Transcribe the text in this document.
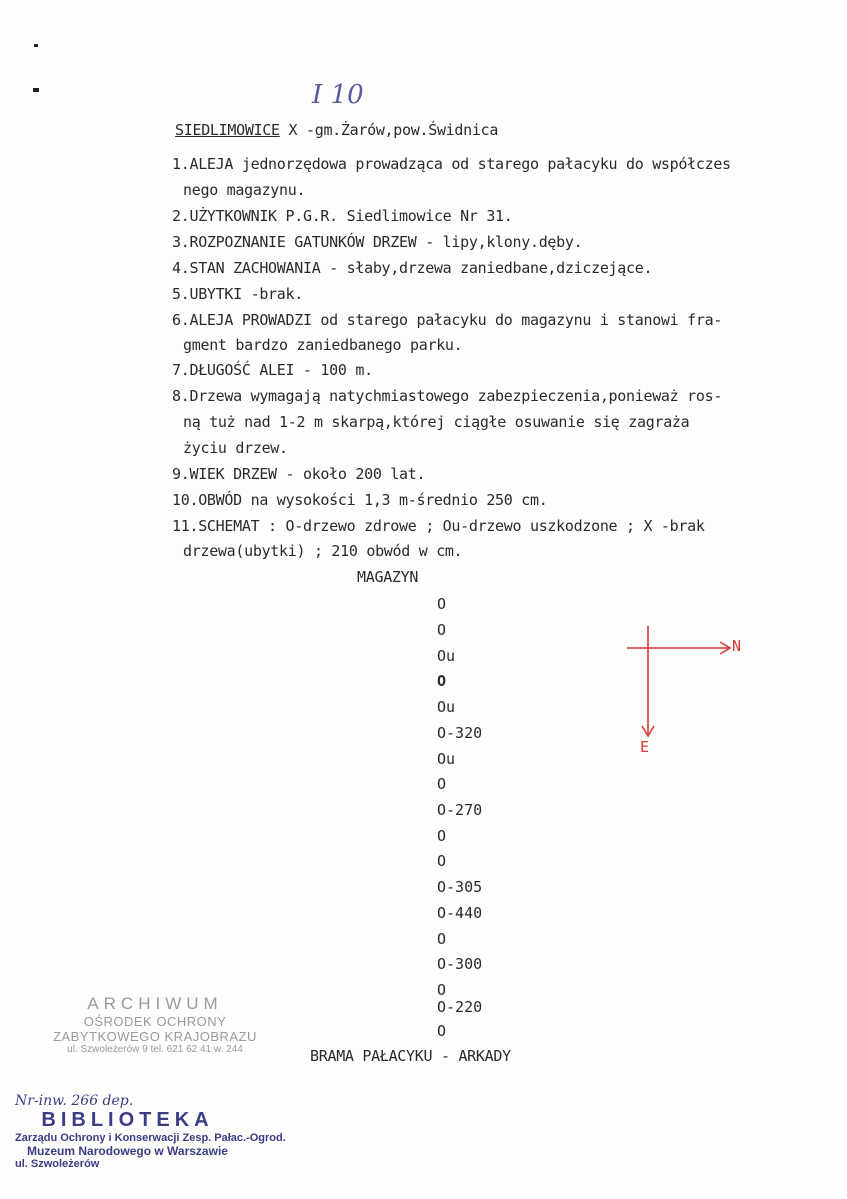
I 10
SIEDLIMOWICE X -gm.Żarów,pow.Świdnica
1.ALEJA jednorzędowa prowadząca od starego pałacyku do współczes
nego magazynu.
2.UŻYTKOWNIK P.G.R. Siedlimowice Nr 31.
3.ROZPOZNANIE GATUNKÓW DRZEW - lipy,klony.dęby.
4.STAN ZACHOWANIA - słaby,drzewa zaniedbane,dziczejące.
5.UBYTKI -brak.
6.ALEJA PROWADZI od starego pałacyku do magazynu i stanowi fra-
gment bardzo zaniedbanego parku.
7.DŁUGOŚĆ ALEI - 100 m.
8.Drzewa wymagają natychmiastowego zabezpieczenia,ponieważ ros-
ną tuż nad 1-2 m skarpą,której ciągłe osuwanie się zagraża
życiu drzew.
9.WIEK DRZEW - około 200 lat.
10.OBWÓD na wysokości 1,3 m-średnio 250 cm.
11.SCHEMAT : O-drzewo zdrowe ; Ou-drzewo uszkodzone ; X -brak
drzewa(ubytki) ; 210 obwód w cm.
MAGAZYN
O
O
Ou
O
Ou
O-320
Ou
O
O-270
O
O
O-305
O-440
O
O-300
O
O-220
O
BRAMA PAŁACYKU - ARKADY
N
E
ARCHIWUM
OŚRODEK OCHRONY
ZABYTKOWEGO KRAJOBRAZU
ul. Szwoleżerów 9 tel. 621 62 41 w. 244
Nr-inw. 266 dep.
BIBLIOTEKA
Zarządu Ochrony i Konserwacji Zesp. Pałac.-Ogrod.
Muzeum Narodowego w Warszawie
ul. Szwoleżerów
